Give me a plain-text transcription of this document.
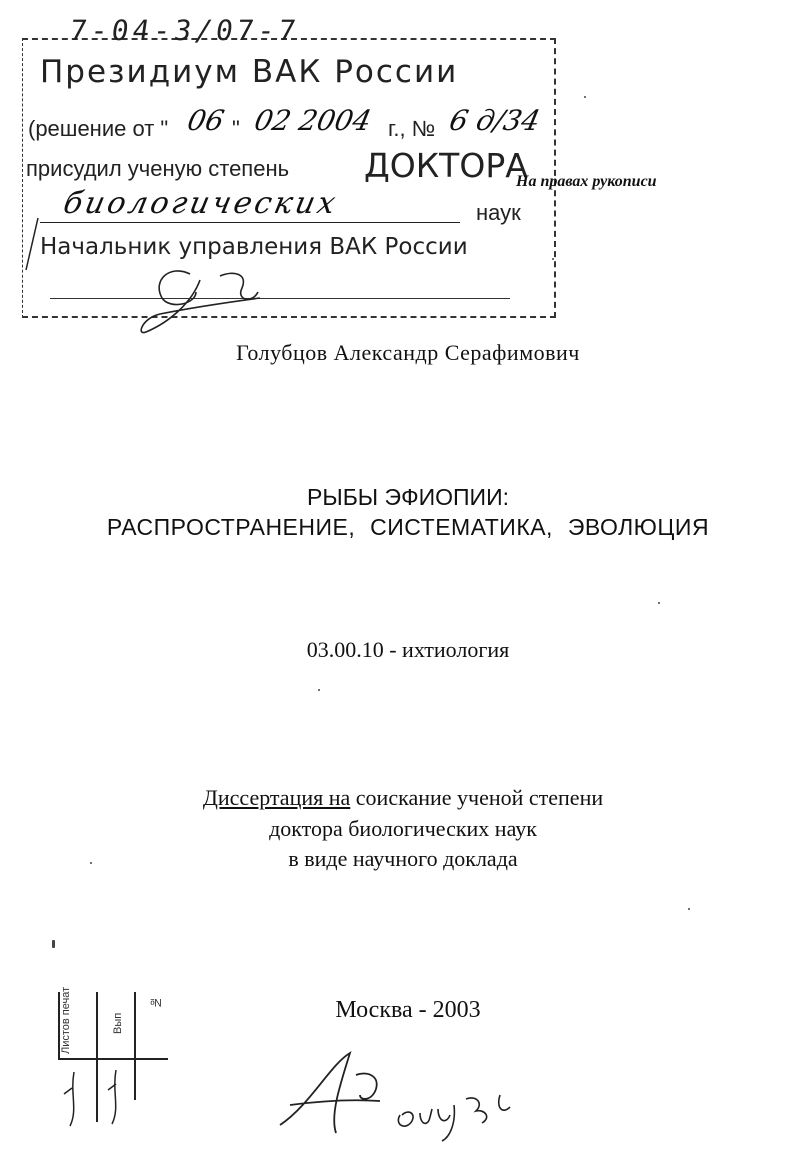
7-04-3/07-7
Президиум ВАК России
(решение от " 06 " 02 2004 г., № 6 д/34
присудил ученую степень ДОКТОРА
биологических	наук
Начальник управления ВАК России
На правах рукописи
Голубцов Александр Серафимович
РЫБЫ ЭФИОПИИ:
РАСПРОСТРАНЕНИЕ, СИСТЕМАТИКА, ЭВОЛЮЦИЯ
03.00.10 - ихтиология
Диссертация на соискание ученой степени
доктора биологических наук
в виде научного доклада
Москва - 2003
Листов печат	Вып
№
